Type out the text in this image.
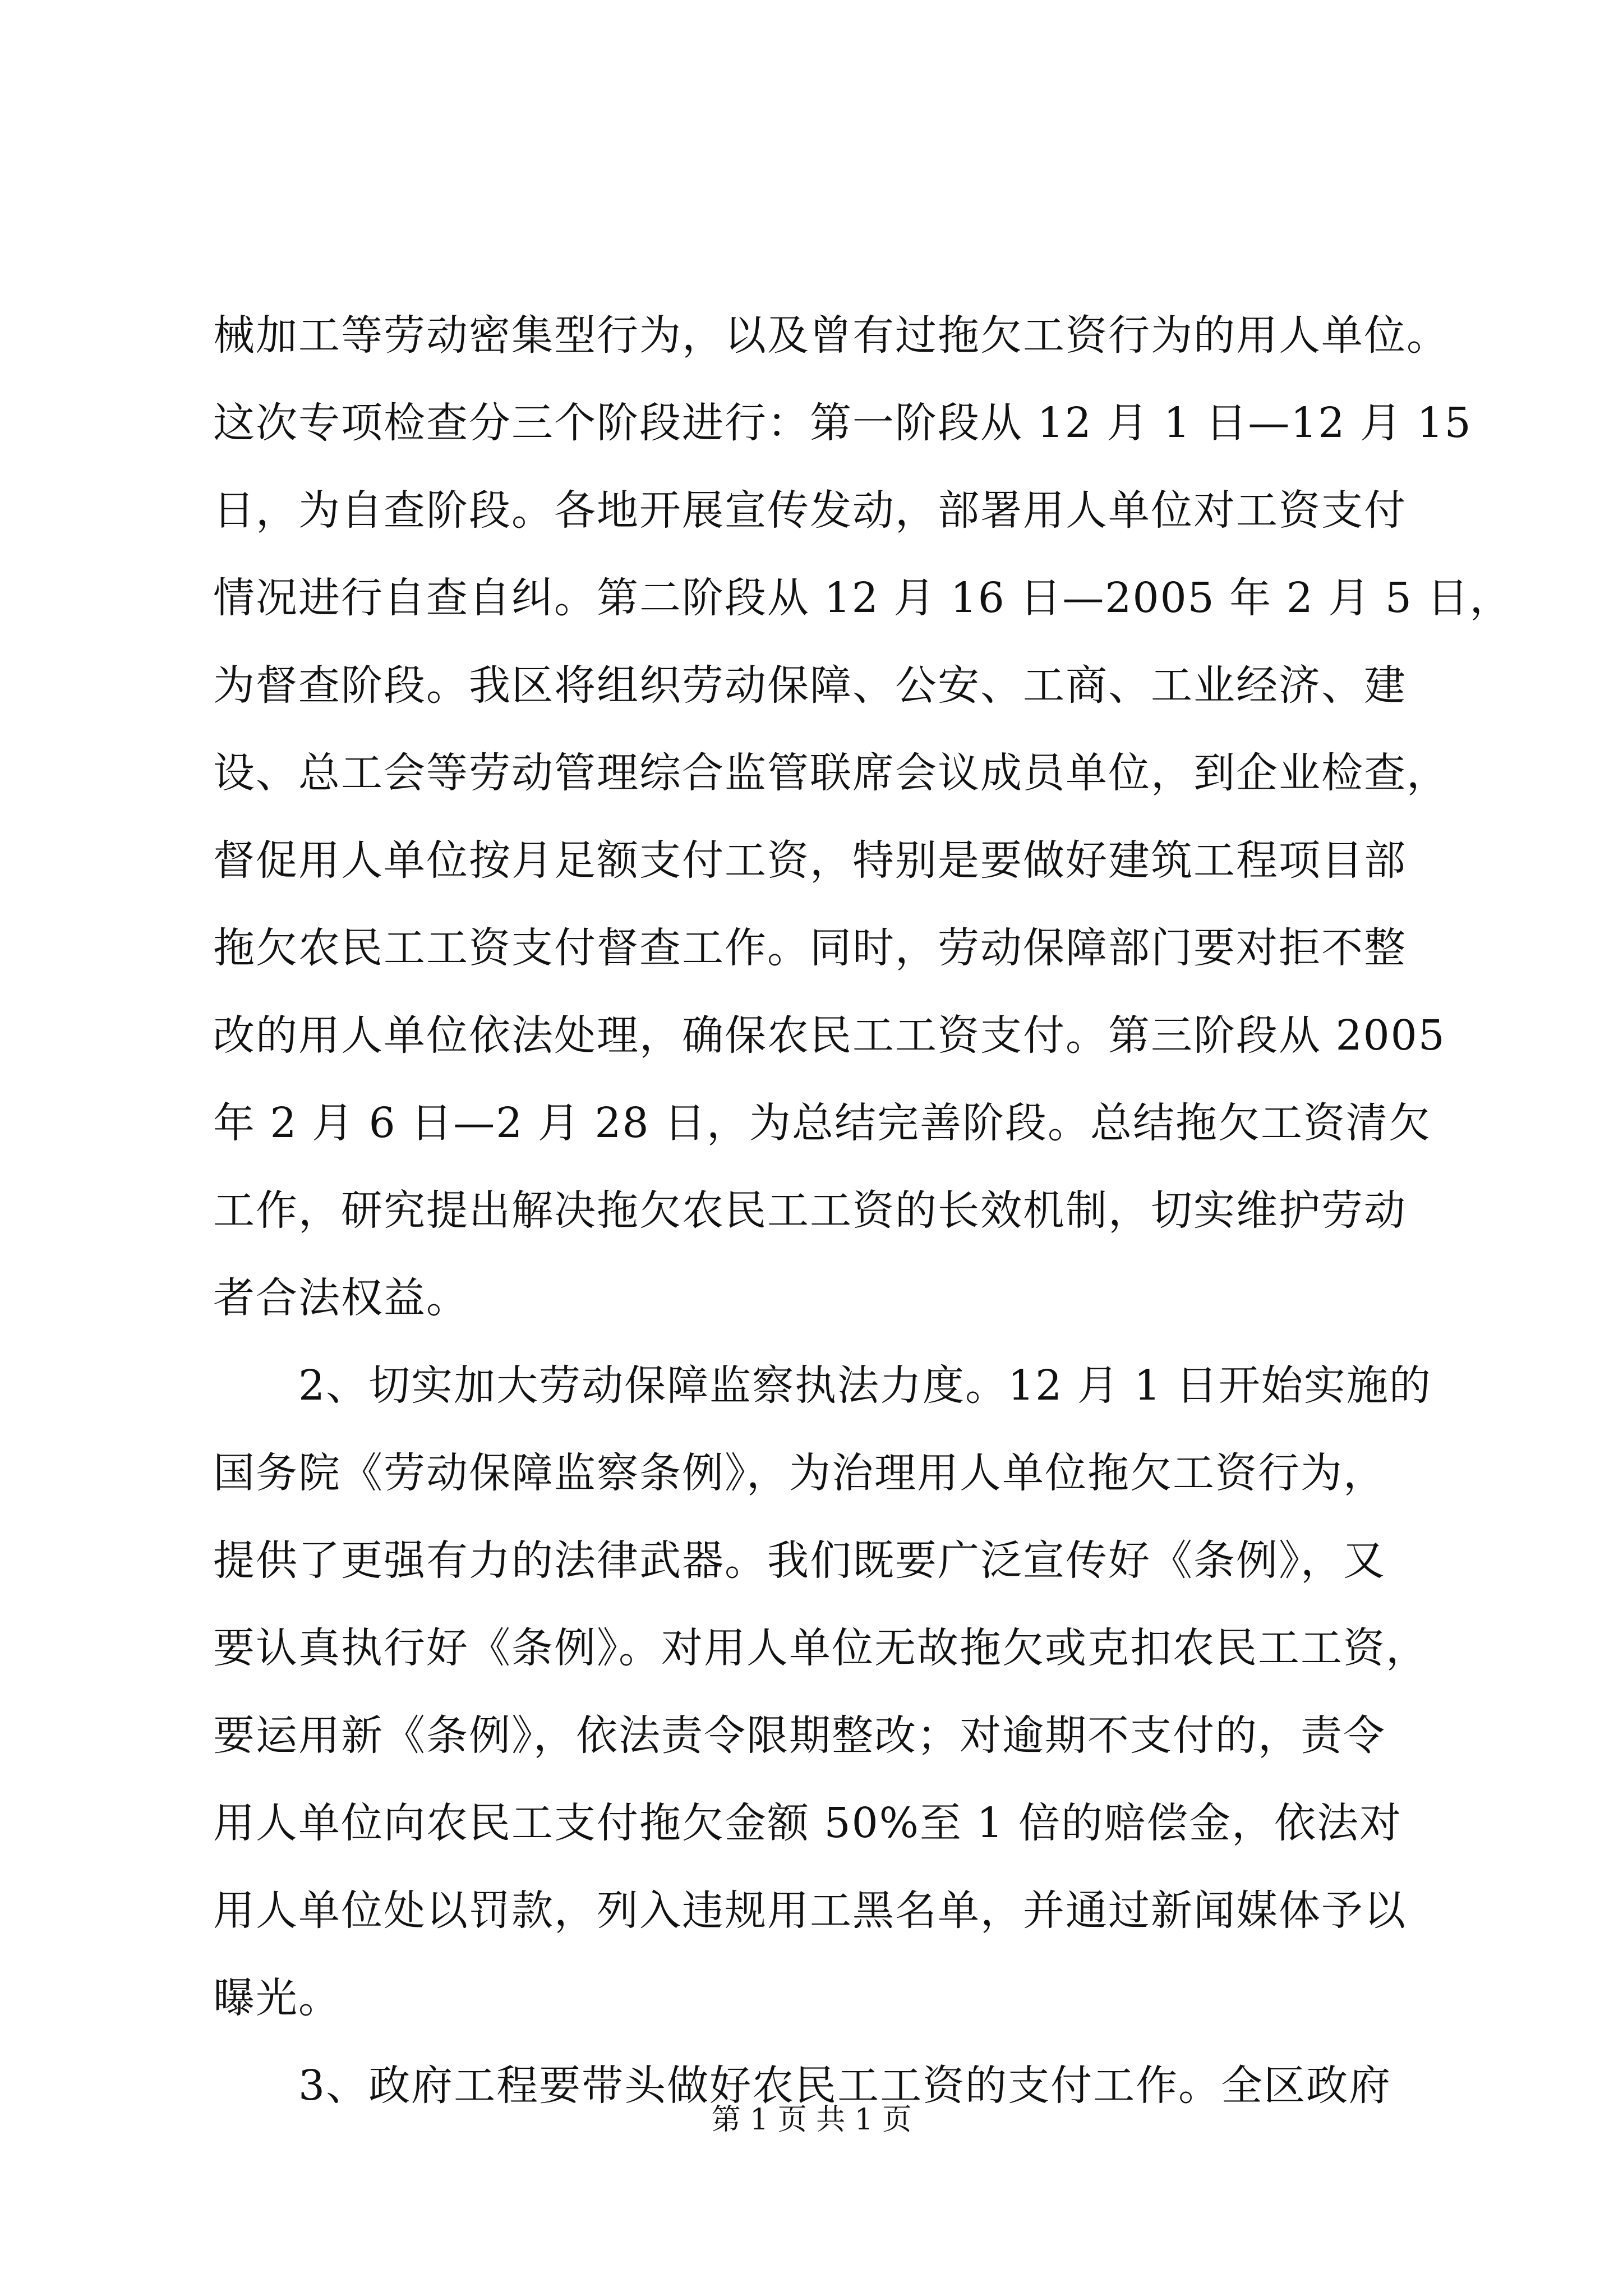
械加工等劳动密集型行为，以及曾有过拖欠工资行为的用人单位。
这次专项检查分三个阶段进行：第一阶段从 12 月 1 日—12 月 15
日，为自查阶段。各地开展宣传发动，部署用人单位对工资支付
情况进行自查自纠。第二阶段从 12 月 16 日—2005 年 2 月 5 日，
为督查阶段。我区将组织劳动保障、公安、工商、工业经济、建
设、总工会等劳动管理综合监管联席会议成员单位，到企业检查，
督促用人单位按月足额支付工资，特别是要做好建筑工程项目部
拖欠农民工工资支付督查工作。同时，劳动保障部门要对拒不整
改的用人单位依法处理，确保农民工工资支付。第三阶段从 2005
年 2 月 6 日—2 月 28 日，为总结完善阶段。总结拖欠工资清欠
工作，研究提出解决拖欠农民工工资的长效机制，切实维护劳动
者合法权益。
　　2、切实加大劳动保障监察执法力度。12 月 1 日开始实施的
国务院《劳动保障监察条例》，为治理用人单位拖欠工资行为，
提供了更强有力的法律武器。我们既要广泛宣传好《条例》，又
要认真执行好《条例》。对用人单位无故拖欠或克扣农民工工资，
要运用新《条例》，依法责令限期整改；对逾期不支付的，责令
用人单位向农民工支付拖欠金额 50%至 1 倍的赔偿金，依法对
用人单位处以罚款，列入违规用工黑名单，并通过新闻媒体予以
曝光。
　　3、政府工程要带头做好农民工工资的支付工作。全区政府
第 1 页 共 1 页
